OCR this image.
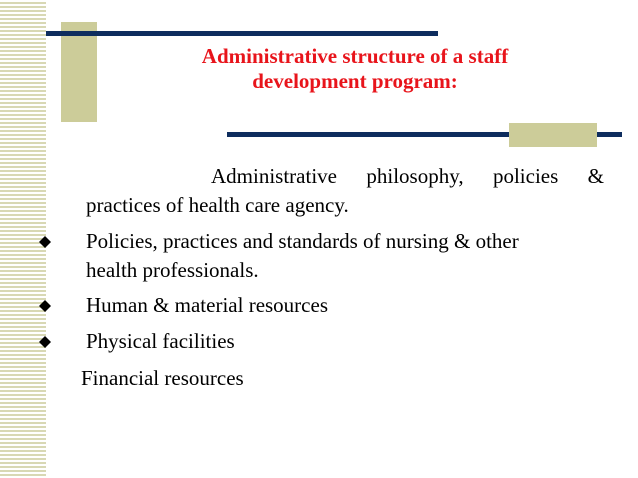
Administrative structure of a staff
development program:

Administrative philosophy, policies &

practices of health care agency.

Policies, practices and standards of nursing & other

health professionals.

Human & material resources

Physical facilities

Financial resources
